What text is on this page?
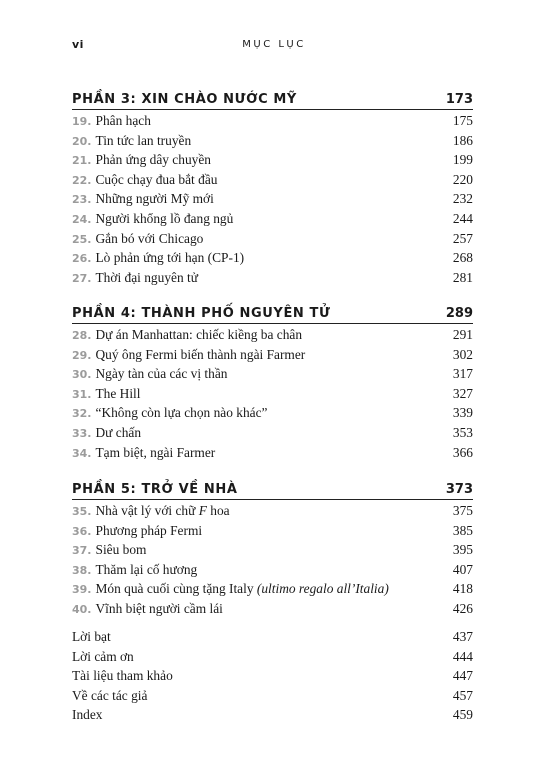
vi	MỤC LỤC
PHẦN 3: XIN CHÀO NƯỚC MỸ	173
19. Phân hạch	175
20. Tin tức lan truyền	186
21. Phản ứng dây chuyền	199
22. Cuộc chạy đua bắt đầu	220
23. Những người Mỹ mới	232
24. Người khổng lồ đang ngủ	244
25. Gắn bó với Chicago	257
26. Lò phản ứng tới hạn (CP-1)	268
27. Thời đại nguyên tử	281
PHẦN 4: THÀNH PHỐ NGUYÊN TỬ	289
28. Dự án Manhattan: chiếc kiềng ba chân	291
29. Quý ông Fermi biến thành ngài Farmer	302
30. Ngày tàn của các vị thần	317
31. The Hill	327
32. “Không còn lựa chọn nào khác”	339
33. Dư chấn	353
34. Tạm biệt, ngài Farmer	366
PHẦN 5: TRỞ VỀ NHÀ	373
35. Nhà vật lý với chữ F hoa	375
36. Phương pháp Fermi	385
37. Siêu bom	395
38. Thăm lại cố hương	407
39. Món quà cuối cùng tặng Italy (ultimo regalo all’Italia)	418
40. Vĩnh biệt người cầm lái	426
Lời bạt	437
Lời cảm ơn	444
Tài liệu tham khảo	447
Về các tác giả	457
Index	459
